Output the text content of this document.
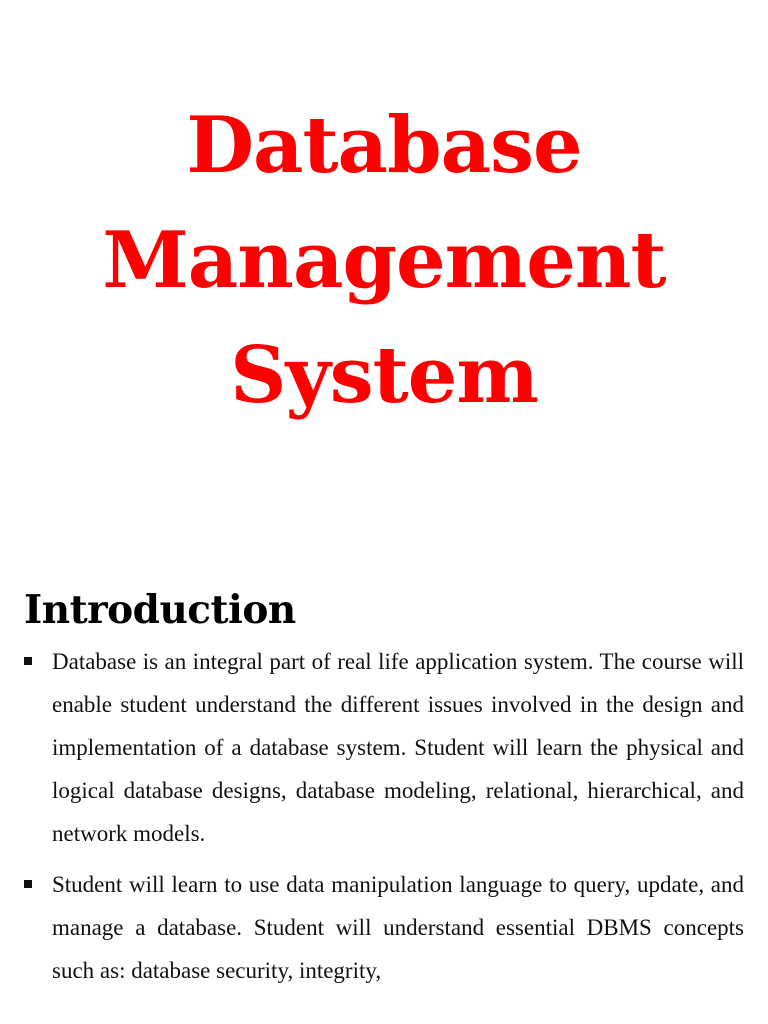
Database
Management
System
Introduction
Database is an integral part of real life application system. The course will enable student understand the different issues involved in the design and implementation of a database system. Student will learn the physical and logical database designs, database modeling, relational, hierarchical, and network models.
Student will learn to use data manipulation language to query, update, and manage a database. Student will understand essential DBMS concepts such as: database security, integrity,
